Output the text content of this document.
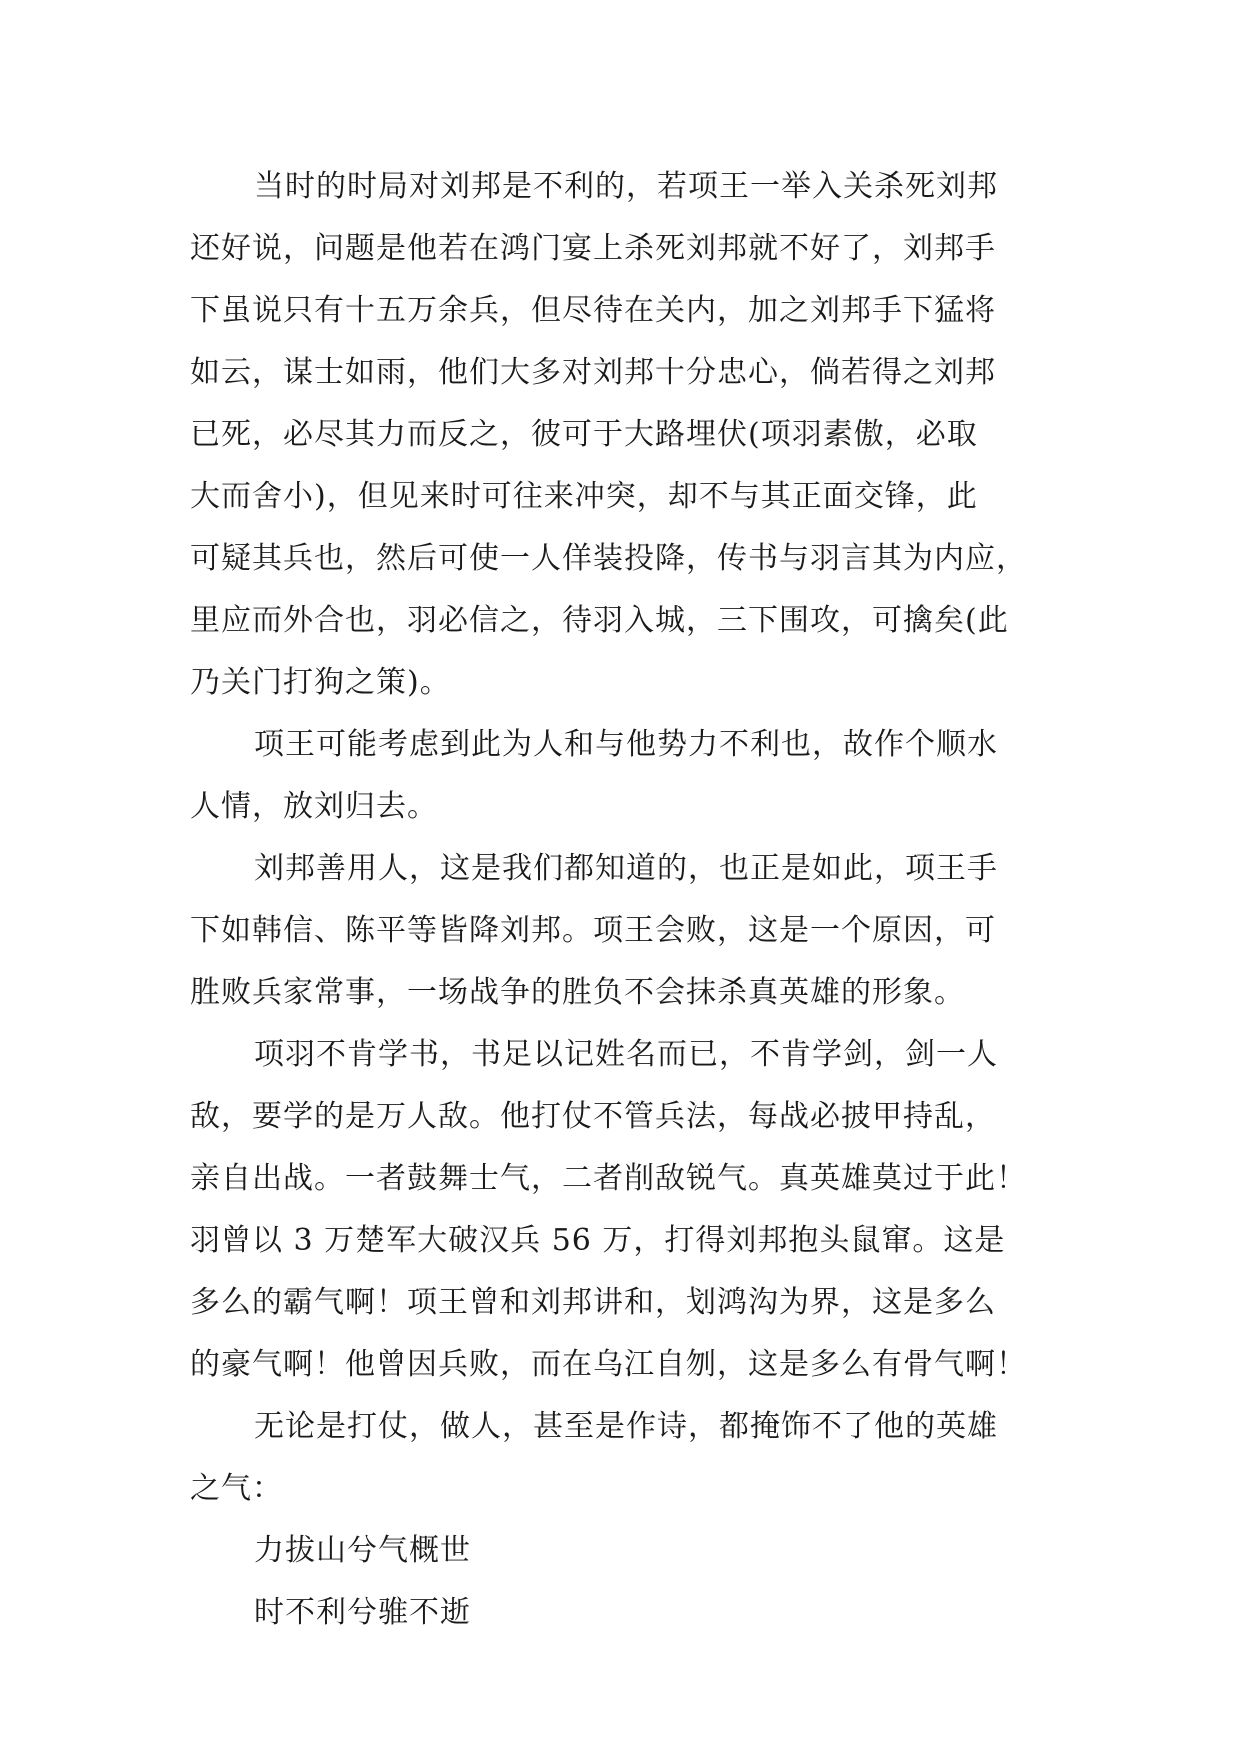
当时的时局对刘邦是不利的，若项王一举入关杀死刘邦
还好说，问题是他若在鸿门宴上杀死刘邦就不好了，刘邦手
下虽说只有十五万余兵，但尽待在关内，加之刘邦手下猛将
如云，谋士如雨，他们大多对刘邦十分忠心，倘若得之刘邦
已死，必尽其力而反之，彼可于大路埋伏(项羽素傲，必取
大而舍小)，但见来时可往来冲突，却不与其正面交锋，此
可疑其兵也，然后可使一人佯装投降，传书与羽言其为内应，
里应而外合也，羽必信之，待羽入城，三下围攻，可擒矣(此
乃关门打狗之策)。

项王可能考虑到此为人和与他势力不利也，故作个顺水
人情，放刘归去。

刘邦善用人，这是我们都知道的，也正是如此，项王手
下如韩信、陈平等皆降刘邦。项王会败，这是一个原因，可
胜败兵家常事，一场战争的胜负不会抹杀真英雄的形象。

项羽不肯学书，书足以记姓名而已，不肯学剑，剑一人
敌，要学的是万人敌。他打仗不管兵法，每战必披甲持乱，
亲自出战。一者鼓舞士气，二者削敌锐气。真英雄莫过于此！
羽曾以 3 万楚军大破汉兵 56 万，打得刘邦抱头鼠窜。这是
多么的霸气啊！项王曾和刘邦讲和，划鸿沟为界，这是多么
的豪气啊！他曾因兵败，而在乌江自刎，这是多么有骨气啊！

无论是打仗，做人，甚至是作诗，都掩饰不了他的英雄
之气：

力拔山兮气概世
时不利兮骓不逝
